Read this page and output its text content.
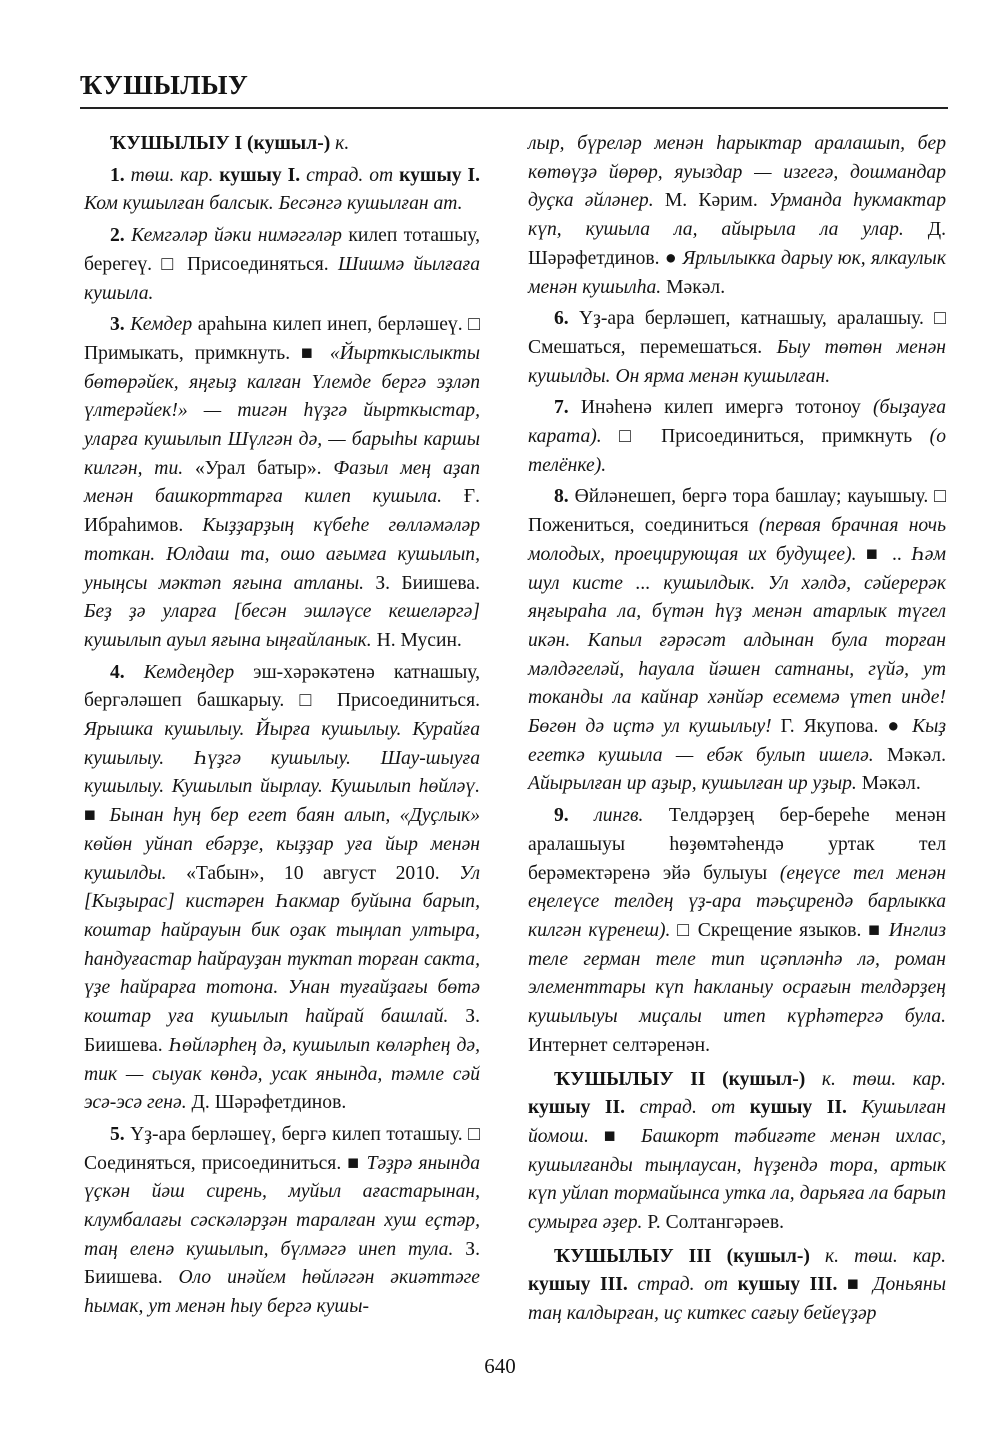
ҠУШЫЛЫУ

ҠУШЫЛЫУ I (кушыл-) к.

1. төш. кар. кушыу I. страд. от кушыу I. Ком кушылған балсык. Бесәнгә кушылған ат.

2. Кемгәләр йәки нимәгәләр килеп тоташыу, берегеү. □ Присоединяться. Шишмә йылғаға кушыла.

3. Кемдер араһына килеп инеп, берләшеү. □ Примыкать, примкнуть. ■ «Йырткыслыкты бөтөрәйек, яңғыҙ калған Үлемде бергә эҙләп үлтерәйек!» — тигән һүҙгә йырткыстар, уларға кушылып Шүлгән дә, — барыһы каршы килгән, ти. «Урал батыр». Фазыл мең аҙап менән башкорттарға килеп кушыла. Ғ. Ибраһимов. Кыҙҙарҙың күбеһе гөлләмәләр тоткан. Юлдаш та, ошо ағымға кушылып, уныңсы мәктәп яғына атланы. З. Биишева. Беҙ ҙә уларға [бесән эшләүсе кешеләргә] кушылып ауыл яғына ыңғайланык. Н. Мусин.

4. Кемдеңдер эш-хәрәкәтенә катнашыу, бергәләшеп башкарыу. □ Присоединиться. Ярышка кушылыу. Йырға кушылыу. Курайға кушылыу. Һүҙгә кушылыу. Шау-шыуға кушылыу. Кушылып йырлау. Кушылып һөйләү. ■ Бынан һуң бер егет баян алып, «Дуҫлык» көйөн уйнап ебәрҙе, кыҙҙар уға йыр менән кушылды. «Табын», 10 август 2010. Ул [Кыҙырас] кистәрен Һакмар буйына барып, коштар һайрауын бик оҙак тыңлап ултыра, һандуғастар һайрауҙан туктап торған сакта, үҙе һайрарға тотона. Унан туғайҙағы бөтә коштар уға кушылып һайрай башлай. З. Биишева. Һөйләрһең дә, кушылып көләрһең дә, тик — сыуак көндә, усак янында, тәмле сәй эсә-эсә генә. Д. Шәрәфетдинов.

5. Үҙ-ара берләшеү, бергә килеп тоташыу. □ Соединяться, присоединиться. ■ Тәҙрә янында үҫкән йәш сирень, муйыл ағастарынан, клумбалағы сәскәләрҙән таралған хуш еҫтәр, таң еленә кушылып, бүлмәгә инеп тула. З. Биишева. Оло инәйем һөйләгән әкиәттәге һымак, ут менән һыу бергә кушы-

лыр, бүреләр менән һарыктар аралашып, бер көтөүҙә йөрөр, яуыздар — изгегә, дошмандар дуҫка әйләнер. М. Кәрим. Урманда һукмактар күп, кушыла ла, айырыла ла улар. Д. Шәрәфетдинов. ● Ярлылыкка дарыу юк, ялкаулык менән кушылһа. Мәкәл.

6. Үҙ-ара берләшеп, катнашыу, аралашыу. □ Смешаться, перемешаться. Быу төтөн менән кушылды. Он ярма менән кушылған.

7. Инәһенә килеп имергә тотоноу (быҙауға карата). □ Присоединиться, примкнуть (о телёнке).

8. Өйләнешеп, бергә тора башлау; кауышыу. □ Пожениться, соединиться (первая брачная ночь молодых, проецирующая их будущее). ■ .. Һәм шул кисте ... кушылдык. Ул хәлдә, сәйерерәк яңғыраһа ла, бүтән һүҙ менән атарлык түгел икән. Капыл ғәрәсәт алдынан була торған мәлдәгеләй, һауала йәшен сатнаны, гүйә, ут токанды ла кайнар хәнйәр есемемә үтеп инде! Бөгөн дә иҫтә ул кушылыу! Г. Якупова. ● Кыҙ егеткә кушыла — ебәк булып ишелә. Мәкәл. Айырылған ир аҙыр, кушылған ир уҙыр. Мәкәл.

9. лингв. Телдәрҙең бер-береһе менән аралашыуы һөҙөмтәһендә уртак тел берәмектәренә эйә булыуы (еңеүсе тел менән еңелеүсе телдең үҙ-ара тәьҫирендә барлыкка килгән күренеш). □ Скрещение языков. ■ Инглиз теле герман теле тип иҫәпләнһә лә, роман элементтары күп һакланыу осрағын телдәрҙең кушылыуы миҫалы итеп күрһәтергә була. Интернет селтәренән.

ҠУШЫЛЫУ II (кушыл-) к. төш. кар. кушыу II. страд. от кушыу II. Кушылған йомош. ■ Башкорт тәбиғәте менән ихлас, кушылғанды тыңлаусан, һүҙендә тора, артык күп уйлап тормайынса утка ла, дарьяға ла барып сумырға әҙер. Р. Солтангәрәев.

ҠУШЫЛЫУ III (кушыл-) к. төш. кар. кушыу III. страд. от кушыу III. ■ Доньяны таң калдырған, иҫ киткес сағыу бейеүҙәр

640
